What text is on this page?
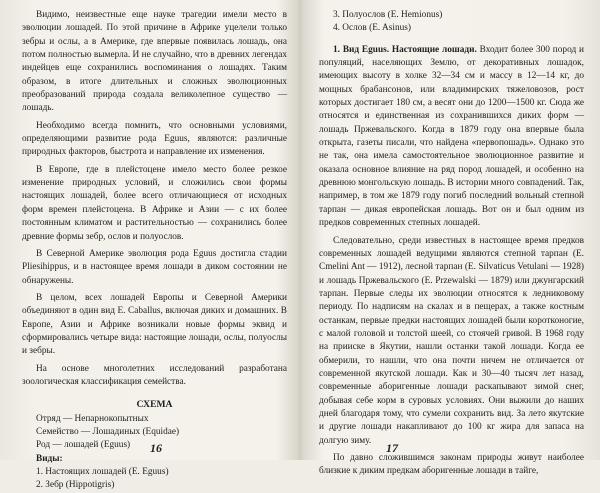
Видимо, неизвестные еще науке трагедии имели место в эволюции лошадей. По этой причине в Африке уцелели только зебры и ослы, а в Америке, где впервые появилась лошадь, она потом полностью вымерла. И не случайно, что в древних легендах индейцев еще сохранились воспоминания о лошадях. Таким образом, в итоге длительных и сложных эволюционных преобразований природа создала великолепное существо — лошадь.

Необходимо всегда помнить, что основными условиями, определяющими развитие рода Eguus, являются: различные природных факторов, быстрота и направление их изменения.

В Европе, где в плейстоцене имело место более резкое изменение природных условий, и сложились свои формы настоящих лошадей, более всего отличающиеся от исходных форм времен плейстоцена. В Африке и Азии — с их более постоянным климатом и растительностью — сохранились более древние формы зебр, ослов и полуослов.

В Северной Америке эволюция рода Eguus достигла стадии Pliesihippus, и в настоящее время лошади в диком состоянии не обнаружены.

В целом, всех лошадей Европы и Северной Америки объединяют в один вид E. Caballus, включая диких и домашних. В Европе, Азии и Африке возникали новые формы эквид и сформировались четыре вида: настоящие лошади, ослы, полуослы и зебры.

На основе многолетних исследований разработана зоологическая классификация семейства.

СХЕМА

Отряд — Непарнокопытных

Семейство — Лошадиных (Equidae)

Род — лошадей (Eguus)

Виды:

1. Настоящих лошадей (E. Eguus)

2. Зебр (Hippotigris)

16

3. Полуослов (E. Hemionus)

4. Ослов (E. Asinus)

1. Вид Eguus. Настоящие лошади. Входит более 300 пород и популяций, населяющих Землю, от декоративных лошадок, имеющих высоту в холке 32—34 см и массу в 12—14 кг, до мощных брабансонов, или владимирских тяжеловозов, рост которых достигает 180 см, а весят они до 1200—1500 кг. Сюда же относятся и единственная из сохранившихся диких форм — лошадь Пржевальского. Когда в 1879 году она впервые была открыта, газеты писали, что найдена «первопошадь». Однако это не так, она имела самостоятельное эволюционное развитие и оказала основное влияние на ряд пород лошадей, и особенно на древнюю монгольскую лошадь. В истории много совпадений. Так, например, в том же 1879 году погиб последний вольный степной тарпан — дикая европейская лошадь. Вот он и был одним из предков современных степных лошадей.

Следовательно, среди известных в настоящее время предков современных лошадей ведущими являются степной тарпан (E. Cmelini Ant — 1912), лесной тарпан (E. Silvaticus Vetulani — 1928) и лошадь Пржевальского (E. Przewalski — 1879) или джунгарский тарпан. Первые следы их эволюции относятся к ледниковому периоду. По надписям на скалах и в пещерах, а также костным останкам, первые предки настоящих лошадей были коротконогие, с малой головой и толстой шеей, со стоячей гривой. В 1968 году на прииске в Якутии, нашли останки такой лошади. Когда ее обмерили, то нашли, что она почти ничем не отличается от современной якутской лошади. Как и 30—40 тысяч лет назад, современные аборигенные лошади раскапывают зимой снег, добывая себе корм в суровых условиях. Они выжили до наших дней благодаря тому, что сумели сохранить вид. За лето якутские и другие лошади накапливают до 100 кг жира для запаса на долгую зиму.

По давно сложившимся законам природы живут наиболее близкие к диким предкам аборигенные лошади в тайге,

17
